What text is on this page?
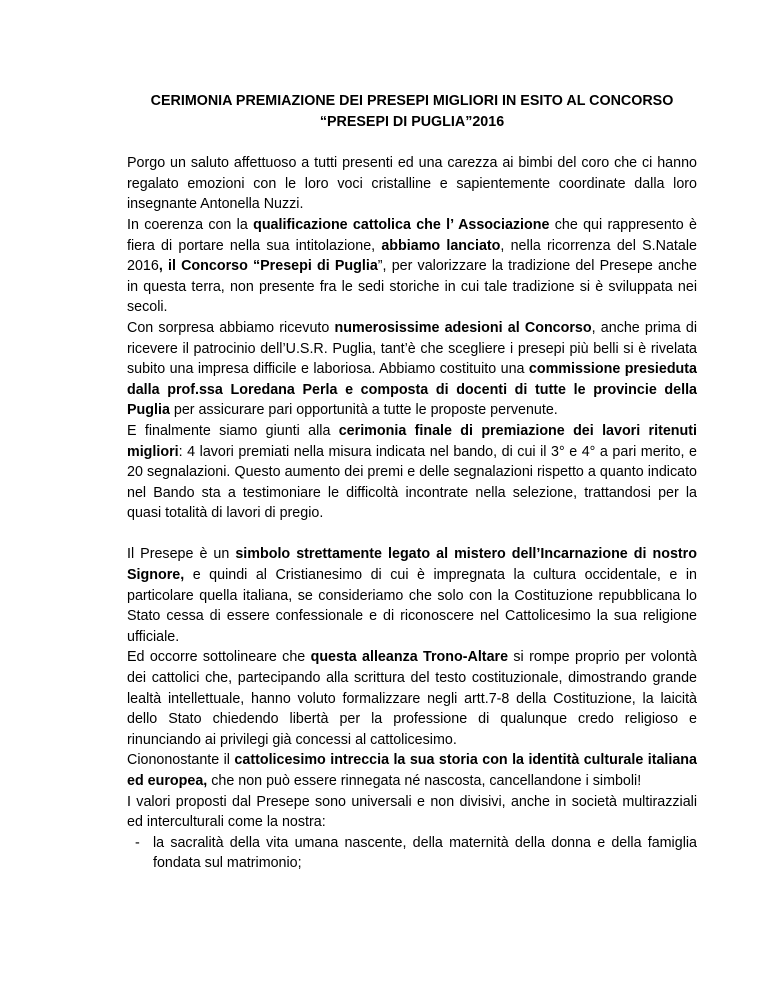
CERIMONIA PREMIAZIONE DEI PRESEPI MIGLIORI IN ESITO AL CONCORSO
“PRESEPI DI PUGLIA”2016

Porgo un saluto affettuoso a tutti presenti ed una carezza ai bimbi del coro che ci hanno regalato emozioni con le loro voci cristalline e sapientemente coordinate dalla loro insegnante Antonella Nuzzi.

In coerenza con la qualificazione cattolica che l’ Associazione che qui rappresento è fiera di portare nella sua intitolazione, abbiamo lanciato, nella ricorrenza del S.Natale 2016, il Concorso “Presepi di Puglia”, per valorizzare la tradizione del Presepe anche in questa terra, non presente fra le sedi storiche in cui tale tradizione si è sviluppata nei secoli.

Con sorpresa abbiamo ricevuto numerosissime adesioni al Concorso, anche prima di ricevere il patrocinio dell’U.S.R. Puglia, tant’è che scegliere i presepi più belli si è rivelata subito una impresa difficile e laboriosa. Abbiamo costituito una commissione presieduta dalla prof.ssa Loredana Perla e composta di docenti di tutte le provincie della Puglia per assicurare pari opportunità a tutte le proposte pervenute.

E finalmente siamo giunti alla cerimonia finale di premiazione dei lavori ritenuti migliori: 4 lavori premiati nella misura indicata nel bando, di cui il 3° e 4° a pari merito, e 20 segnalazioni. Questo aumento dei premi e delle segnalazioni rispetto a quanto indicato nel Bando sta a testimoniare le difficoltà incontrate nella selezione, trattandosi per la quasi totalità di lavori di pregio.

Il Presepe è un simbolo strettamente legato al mistero dell’Incarnazione di nostro Signore, e quindi al Cristianesimo di cui è impregnata la cultura occidentale, e in particolare quella italiana, se consideriamo che solo con la Costituzione repubblicana lo Stato cessa di essere confessionale e di riconoscere nel Cattolicesimo la sua religione ufficiale.

Ed occorre sottolineare che questa alleanza Trono-Altare si rompe proprio per volontà dei cattolici che, partecipando alla scrittura del testo costituzionale, dimostrando grande lealtà intellettuale, hanno voluto formalizzare negli artt.7-8 della Costituzione, la laicità dello Stato chiedendo libertà per la professione di qualunque credo religioso e rinunciando ai privilegi già concessi al cattolicesimo.

Ciononostante il cattolicesimo intreccia la sua storia con la identità culturale italiana ed europea, che non può essere rinnegata né nascosta, cancellandone i simboli!

I valori proposti dal Presepe sono universali e non divisivi, anche in società multirazziali ed interculturali come la nostra:

- la sacralità della vita umana nascente, della maternità della donna e della famiglia fondata sul matrimonio;
